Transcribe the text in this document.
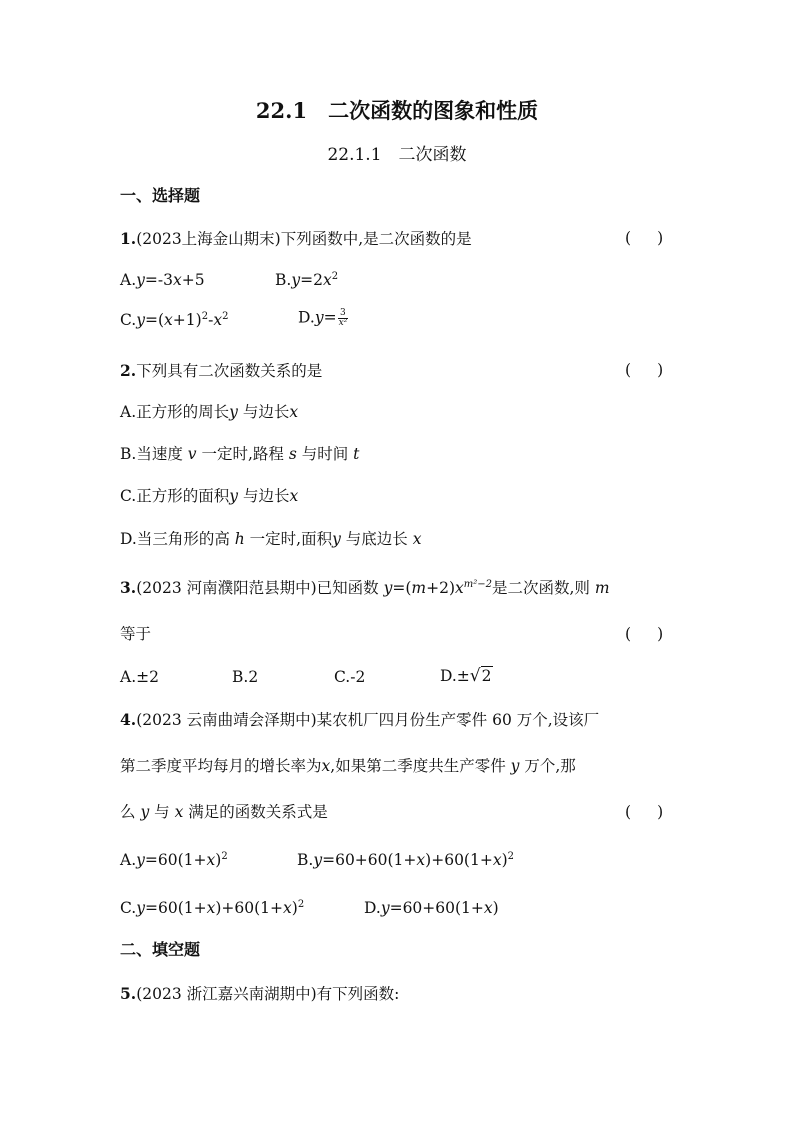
22.1　二次函数的图象和性质
22.1.1　二次函数
一、选择题
1.(2023上海金山期末)下列函数中,是二次函数的是	( )
A.y=-3x+5	$B.y=2x^2$
$C.y=(x+1)^2-x^2$	$D.y= \frac{3}{\text{x²}}$
2.下列具有二次函数关系的是	( )
A.正方形的周长y 与边长x
B.当速度 v 一定时,路程 s 与时间 t
C.正方形的面积y 与边长x
D.当三角形的高 h 一定时,面积y 与底边长 x
3.(2023 河南濮阳范县期中)已知函数 $y=(m+2)x^{m^2-2}$是二次函数,则 m
等于	( )
A.±2	B.2	C.-2	D.±√2
4.(2023 云南曲靖会泽期中)某农机厂四月份生产零件 60 万个,设该厂
第二季度平均每月的增长率为x,如果第二季度共生产零件 y 万个,那
么 y 与 x 满足的函数关系式是	( )
$A.y=60(1+x)^2$	$B.y=60+60(1+x)+60(1+x)^2$
$C.y=60(1+x)+60(1+x)^2$	D.y=60+60(1+x)
二、填空题
5.(2023 浙江嘉兴南湖期中)有下列函数:
